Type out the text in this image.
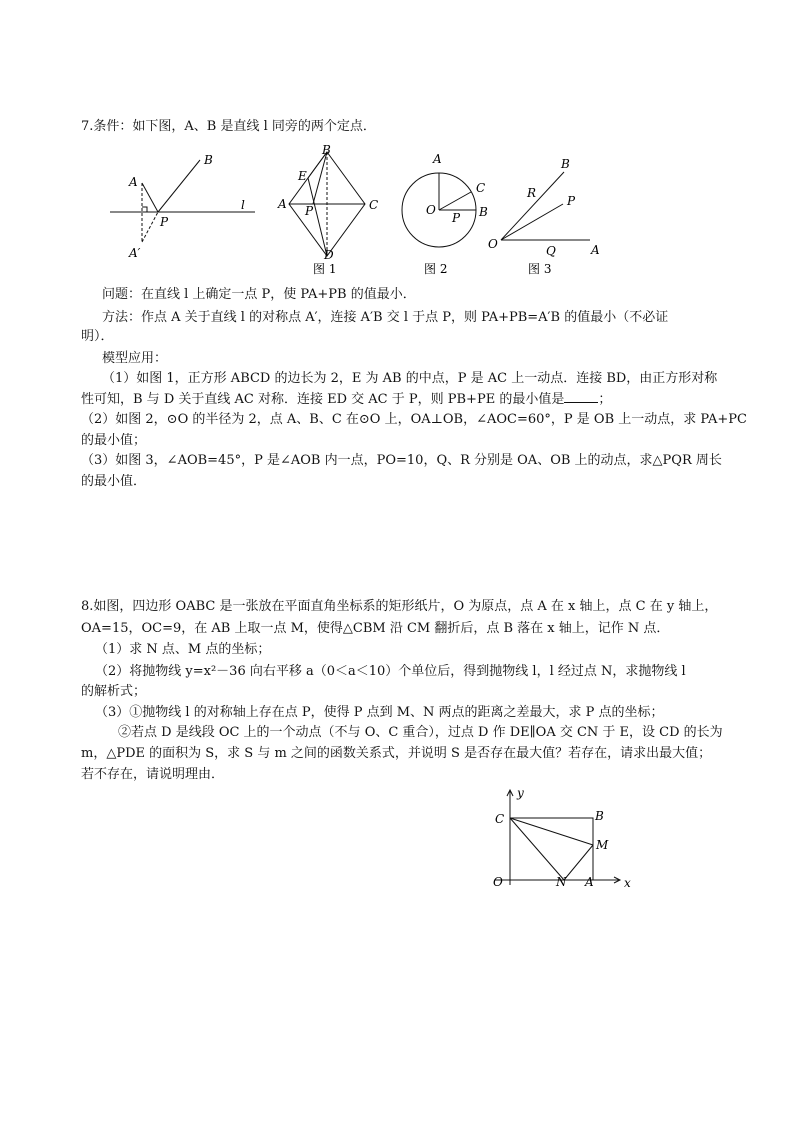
7.条件：如下图，A、B 是直线 l 同旁的两个定点．
A
B
P
l
A′
B
E
A P	C
D
图 1
A
C
O
P B
图 2
B
R
P
O	Q	A
图 3
问题：在直线 l 上确定一点 P，使 PA+PB 的值最小．
方法：作点 A 关于直线 l 的对称点 A′，连接 A′B 交 l 于点 P，则 PA+PB=A′B 的值最小（不必证
明）．
模型应用：
（1）如图 1，正方形 ABCD 的边长为 2，E 为 AB 的中点，P 是 AC 上一动点．连接 BD，由正方形对称
性可知，B 与 D 关于直线 AC 对称．连接 ED 交 AC 于 P，则 PB+PE 的最小值是	；
（2）如图 2，⊙O 的半径为 2，点 A、B、C 在⊙O 上，OA⊥OB，∠AOC=60°，P 是 OB 上一动点，求 PA+PC
的最小值；
（3）如图 3，∠AOB=45°，P 是∠AOB 内一点，PO=10，Q、R 分别是 OA、OB 上的动点，求△PQR 周长
的最小值．
8.如图，四边形 OABC 是一张放在平面直角坐标系的矩形纸片，O 为原点，点 A 在 x 轴上，点 C 在 y 轴上，
OA=15，OC=9，在 AB 上取一点 M，使得△CBM 沿 CM 翻折后，点 B 落在 x 轴上，记作 N 点．
（1）求 N 点、M 点的坐标；
（2）将抛物线 y=x²－36 向右平移 a（0＜a＜10）个单位后，得到抛物线 l，l 经过点 N，求抛物线 l
的解析式；
（3）①抛物线 l 的对称轴上存在点 P，使得 P 点到 M、N 两点的距离之差最大，求 P 点的坐标；
②若点 D 是线段 OC 上的一个动点（不与 O、C 重合），过点 D 作 DE∥OA 交 CN 于 E，设 CD 的长为
m，△PDE 的面积为 S，求 S 与 m 之间的函数关系式，并说明 S 是否存在最大值？若存在，请求出最大值；
若不存在，请说明理由．
y
x
C	B
M
O	N A
